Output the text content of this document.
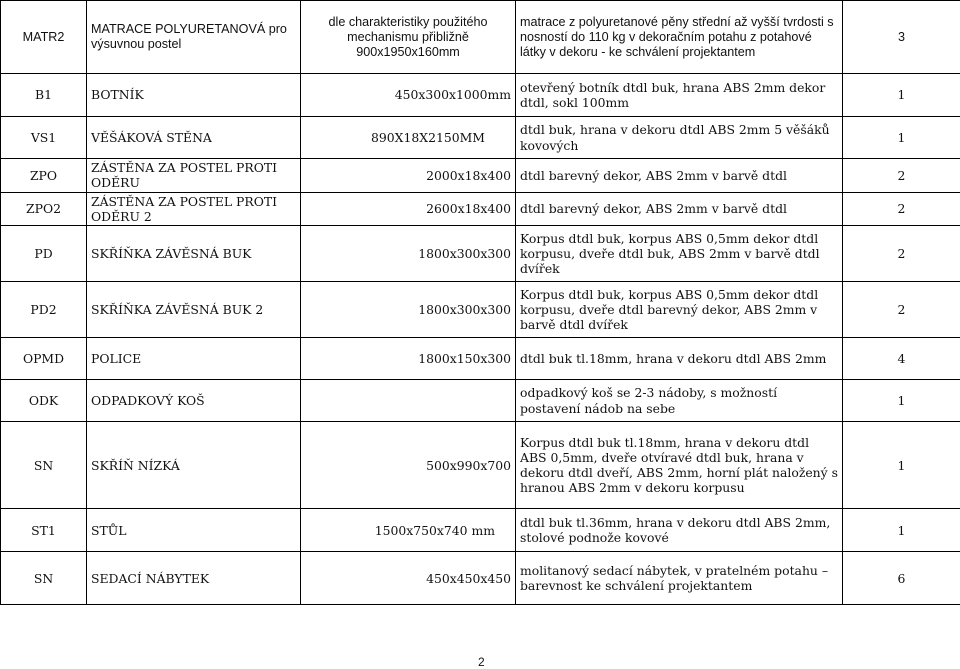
MATR2	MATRACE POLYURETANOVÁ pro výsuvnou postel	dle charakteristiky použitého mechanismu přibližně 900x1950x160mm	matrace z polyuretanové pěny střední až vyšší tvrdosti s nosností do 110 kg v dekoračním potahu z potahové látky v dekoru - ke schválení projektantem	3
B1	BOTNÍK	450x300x1000mm	otevřený botník dtdl buk, hrana ABS 2mm dekor dtdl, sokl 100mm	1
VS1	VĚŠÁKOVÁ STĚNA	890X18X2150MM	dtdl buk, hrana v dekoru dtdl ABS 2mm 5 věšáků kovových	1
ZPO	ZÁSTĚNA ZA POSTEL PROTI ODĚRU	2000x18x400	dtdl barevný dekor, ABS 2mm v barvě dtdl	2
ZPO2	ZÁSTĚNA ZA POSTEL PROTI ODĚRU 2	2600x18x400	dtdl barevný dekor, ABS 2mm v barvě dtdl	2
PD	SKŘÍŇKA ZÁVĚSNÁ BUK	1800x300x300	Korpus dtdl buk, korpus ABS 0,5mm dekor dtdl korpusu, dveře dtdl buk, ABS 2mm v barvě dtdl dvířek	2
PD2	SKŘÍŇKA ZÁVĚSNÁ BUK 2	1800x300x300	Korpus dtdl buk, korpus ABS 0,5mm dekor dtdl korpusu, dveře dtdl barevný dekor, ABS 2mm v barvě dtdl dvířek	2
OPMD	POLICE	1800x150x300	dtdl buk tl.18mm, hrana v dekoru dtdl ABS 2mm	4
ODK	ODPADKOVÝ KOŠ		odpadkový koš se 2-3 nádoby, s možností postavení nádob na sebe	1
SN	SKŘÍŇ NÍZKÁ	500x990x700	Korpus dtdl buk tl.18mm, hrana v dekoru dtdl ABS 0,5mm, dveře otvíravé dtdl buk, hrana v dekoru dtdl dveří, ABS 2mm, horní plát naložený s hranou ABS 2mm v dekoru korpusu	1
ST1	STŮL	1500x750x740 mm	dtdl buk tl.36mm, hrana v dekoru dtdl ABS 2mm, stolové podnože kovové	1
SN	SEDACÍ NÁBYTEK	450x450x450	molitanový sedací nábytek, v pratelném potahu – barevnost ke schválení projektantem	6
2
